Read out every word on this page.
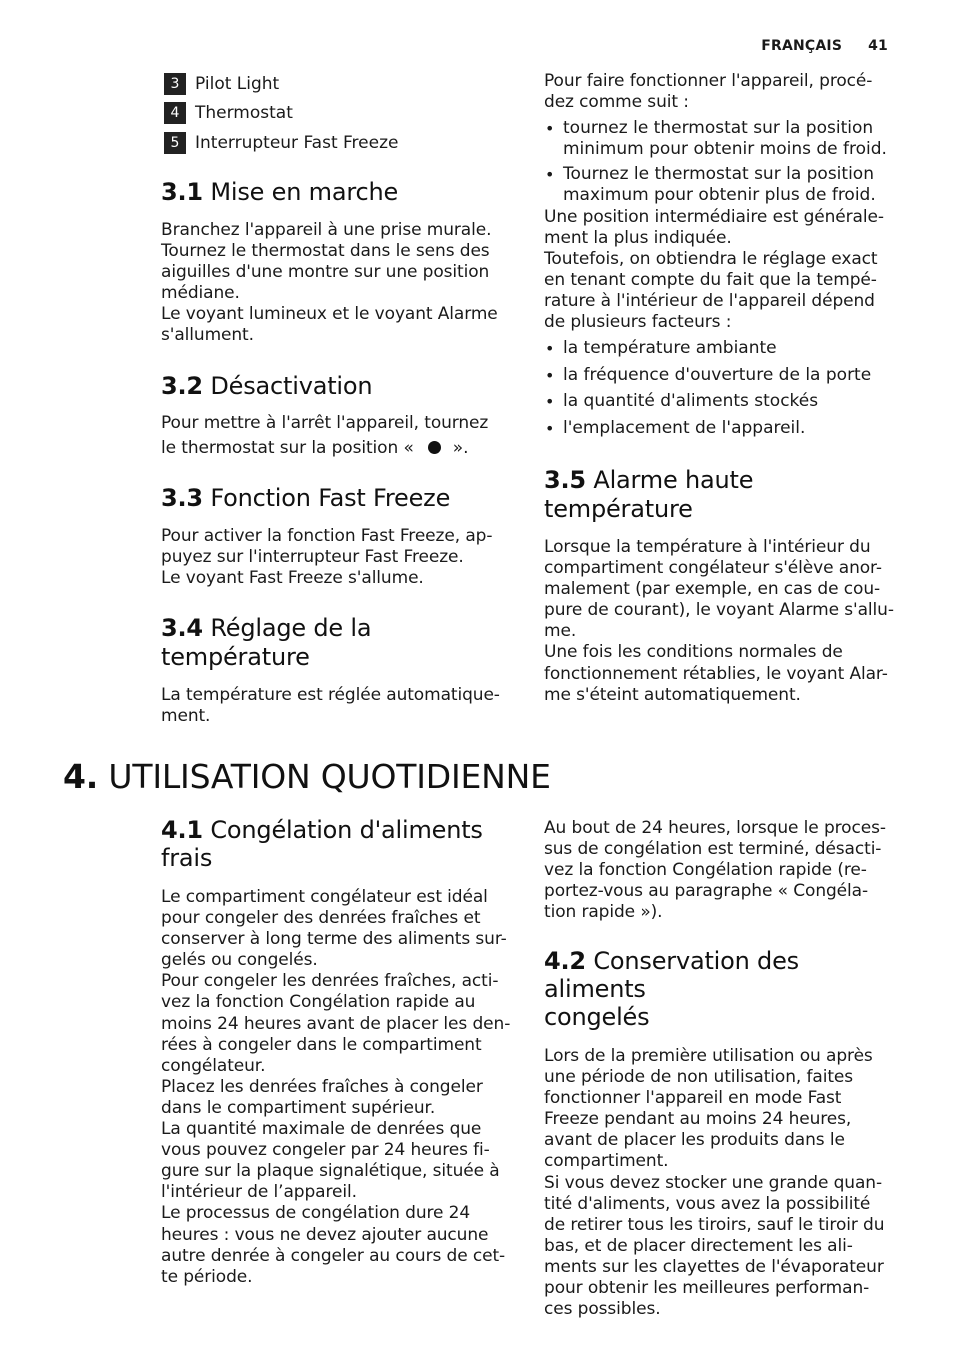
FRANÇAIS 41
3 Pilot Light
4 Thermostat
5 Interrupteur Fast Freeze
3.1 Mise en marche

Branchez l'appareil à une prise murale.
Tournez le thermostat dans le sens des
aiguilles d'une montre sur une position
médiane.
Le voyant lumineux et le voyant Alarme
s'allument.

3.2 Désactivation

Pour mettre à l'arrêt l'appareil, tournez

le thermostat sur la position « ».

3.3 Fonction Fast Freeze

Pour activer la fonction Fast Freeze, ap-
puyez sur l'interrupteur Fast Freeze.
Le voyant Fast Freeze s'allume.

3.4 Réglage de la température

La température est réglée automatique-
ment.

Pour faire fonctionner l'appareil, procé-
dez comme suit :

• tournez le thermostat sur la position
minimum pour obtenir moins de froid.
• Tournez le thermostat sur la position
maximum pour obtenir plus de froid.

Une position intermédiaire est générale-
ment la plus indiquée.
Toutefois, on obtiendra le réglage exact
en tenant compte du fait que la tempé-
rature à l'intérieur de l'appareil dépend
de plusieurs facteurs :

• la température ambiante
• la fréquence d'ouverture de la porte
• la quantité d'aliments stockés
• l'emplacement de l'appareil.
3.5 Alarme haute température

Lorsque la température à l'intérieur du
compartiment congélateur s'élève anor-
malement (par exemple, en cas de cou-
pure de courant), le voyant Alarme s'allu-
me.
Une fois les conditions normales de
fonctionnement rétablies, le voyant Alar-
me s'éteint automatiquement.

4. UTILISATION QUOTIDIENNE
4.1 Congélation d'aliments
frais

Le compartiment congélateur est idéal
pour congeler des denrées fraîches et
conserver à long terme des aliments sur-
gelés ou congelés.
Pour congeler les denrées fraîches, acti-
vez la fonction Congélation rapide au
moins 24 heures avant de placer les den-
rées à congeler dans le compartiment
congélateur.
Placez les denrées fraîches à congeler
dans le compartiment supérieur.
La quantité maximale de denrées que
vous pouvez congeler par 24 heures fi-
gure sur la plaque signalétique, située à
l'intérieur de l’appareil.
Le processus de congélation dure 24
heures : vous ne devez ajouter aucune
autre denrée à congeler au cours de cet-
te période.

Au bout de 24 heures, lorsque le proces-
sus de congélation est terminé, désacti-
vez la fonction Congélation rapide (re-
portez-vous au paragraphe « Congéla-
tion rapide »).

4.2 Conservation des aliments
congelés

Lors de la première utilisation ou après
une période de non utilisation, faites
fonctionner l'appareil en mode Fast
Freeze pendant au moins 24 heures,
avant de placer les produits dans le
compartiment.
Si vous devez stocker une grande quan-
tité d'aliments, vous avez la possibilité
de retirer tous les tiroirs, sauf le tiroir du
bas, et de placer directement les ali-
ments sur les clayettes de l'évaporateur
pour obtenir les meilleures performan-
ces possibles.
